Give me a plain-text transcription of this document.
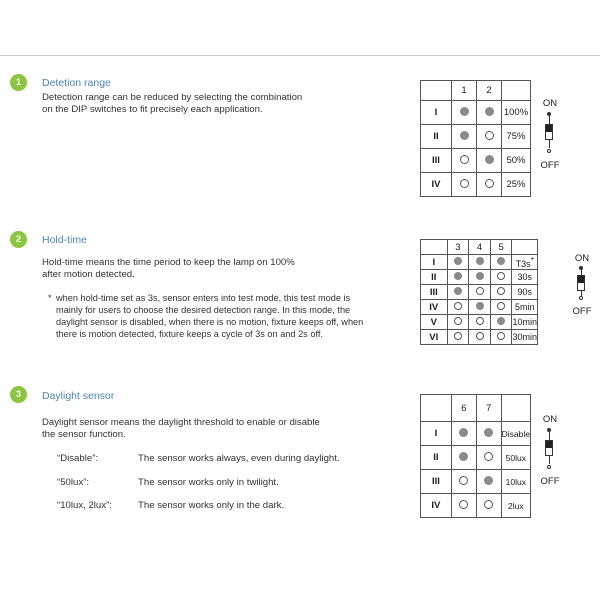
1	Detetion range
Detection range can be reduced by selecting the combination
on the DIP switches to fit precisely each application.
	1	2	
I			100%
II			75%
III			50%
IV			25%
ON
OFF
2	Hold-time
Hold-time means the time period to keep the lamp on 100%
after motion detected.
* when hold-time set as 3s, sensor enters into test mode, this test mode is mainly for users to choose the desired detection range. In this mode, the daylight sensor is disabled, when there is no motion, fixture keeps off, when there is motion detected, fixture keeps a cycle of 3s on and 2s off.
	3	4	5	
I				T3s*
II				30s
III				90s
IV				5min
V				10min
VI				30min
ON
OFF
3	Daylight sensor
Daylight sensor means the daylight threshold to enable or disable
the sensor function.
“Disable”:	The sensor works always, even during daylight.
“50lux”:	The sensor works only in twilight.
“10lux, 2lux”:	The sensor works only in the dark.
	6	7	
I			Disable
II			50lux
III			10lux
IV			2lux
ON
OFF
